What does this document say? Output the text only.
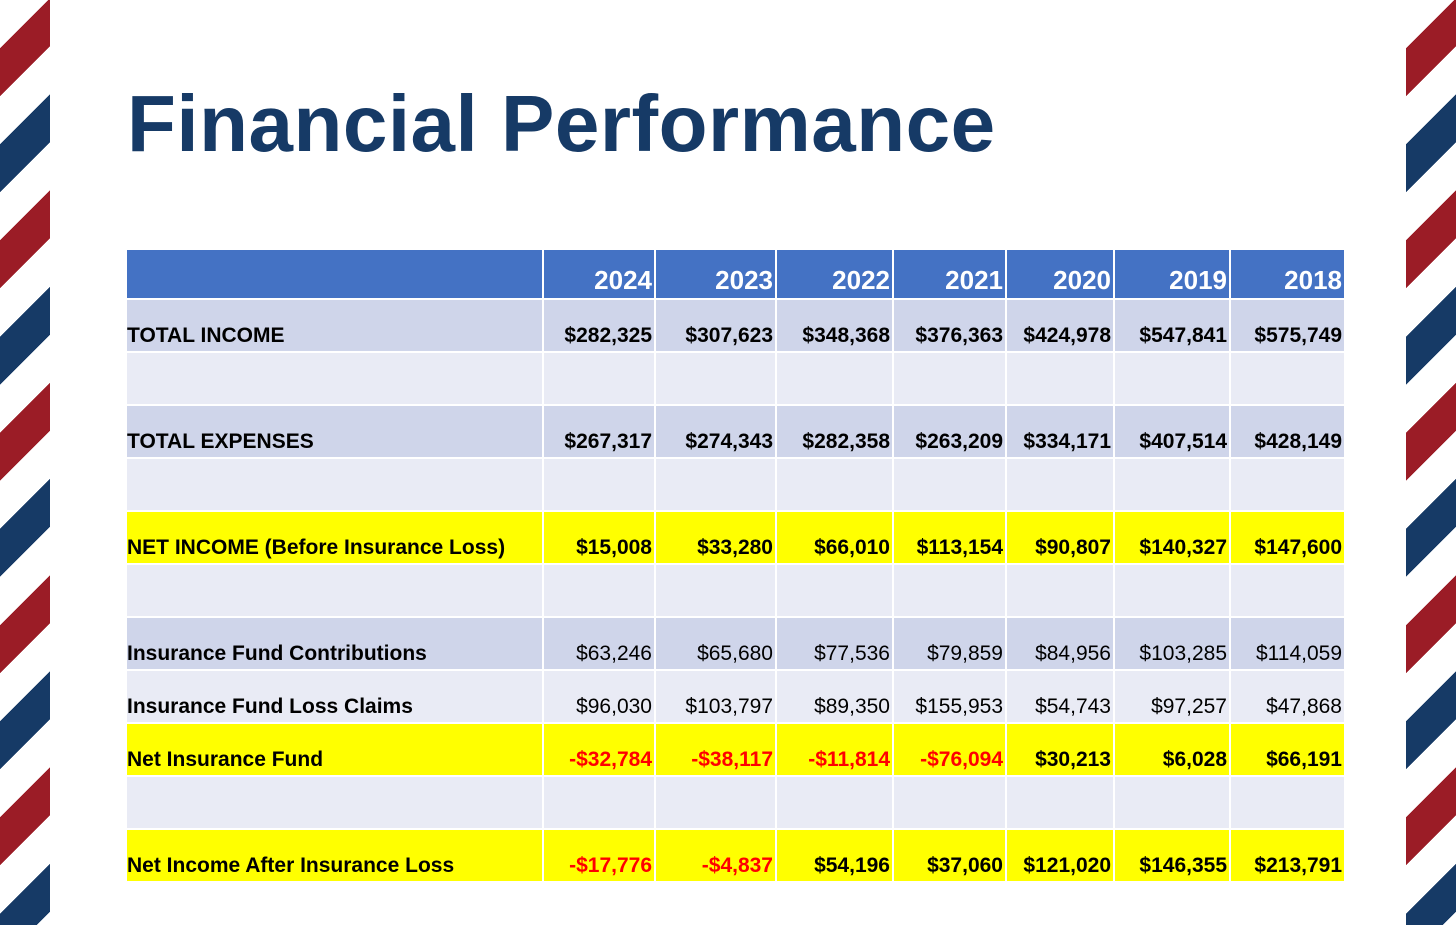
Financial Performance
	2024	2023	2022	2021	2020	2019	2018
TOTAL INCOME	$282,325	$307,623	$348,368	$376,363	$424,978	$547,841	$575,749

TOTAL EXPENSES	$267,317	$274,343	$282,358	$263,209	$334,171	$407,514	$428,149

NET INCOME (Before Insurance Loss)	$15,008	$33,280	$66,010	$113,154	$90,807	$140,327	$147,600

Insurance Fund Contributions	$63,246	$65,680	$77,536	$79,859	$84,956	$103,285	$114,059
Insurance Fund Loss Claims	$96,030	$103,797	$89,350	$155,953	$54,743	$97,257	$47,868
Net Insurance Fund	-$32,784	-$38,117	-$11,814	-$76,094	$30,213	$6,028	$66,191

Net Income After Insurance Loss	-$17,776	-$4,837	$54,196	$37,060	$121,020	$146,355	$213,791
